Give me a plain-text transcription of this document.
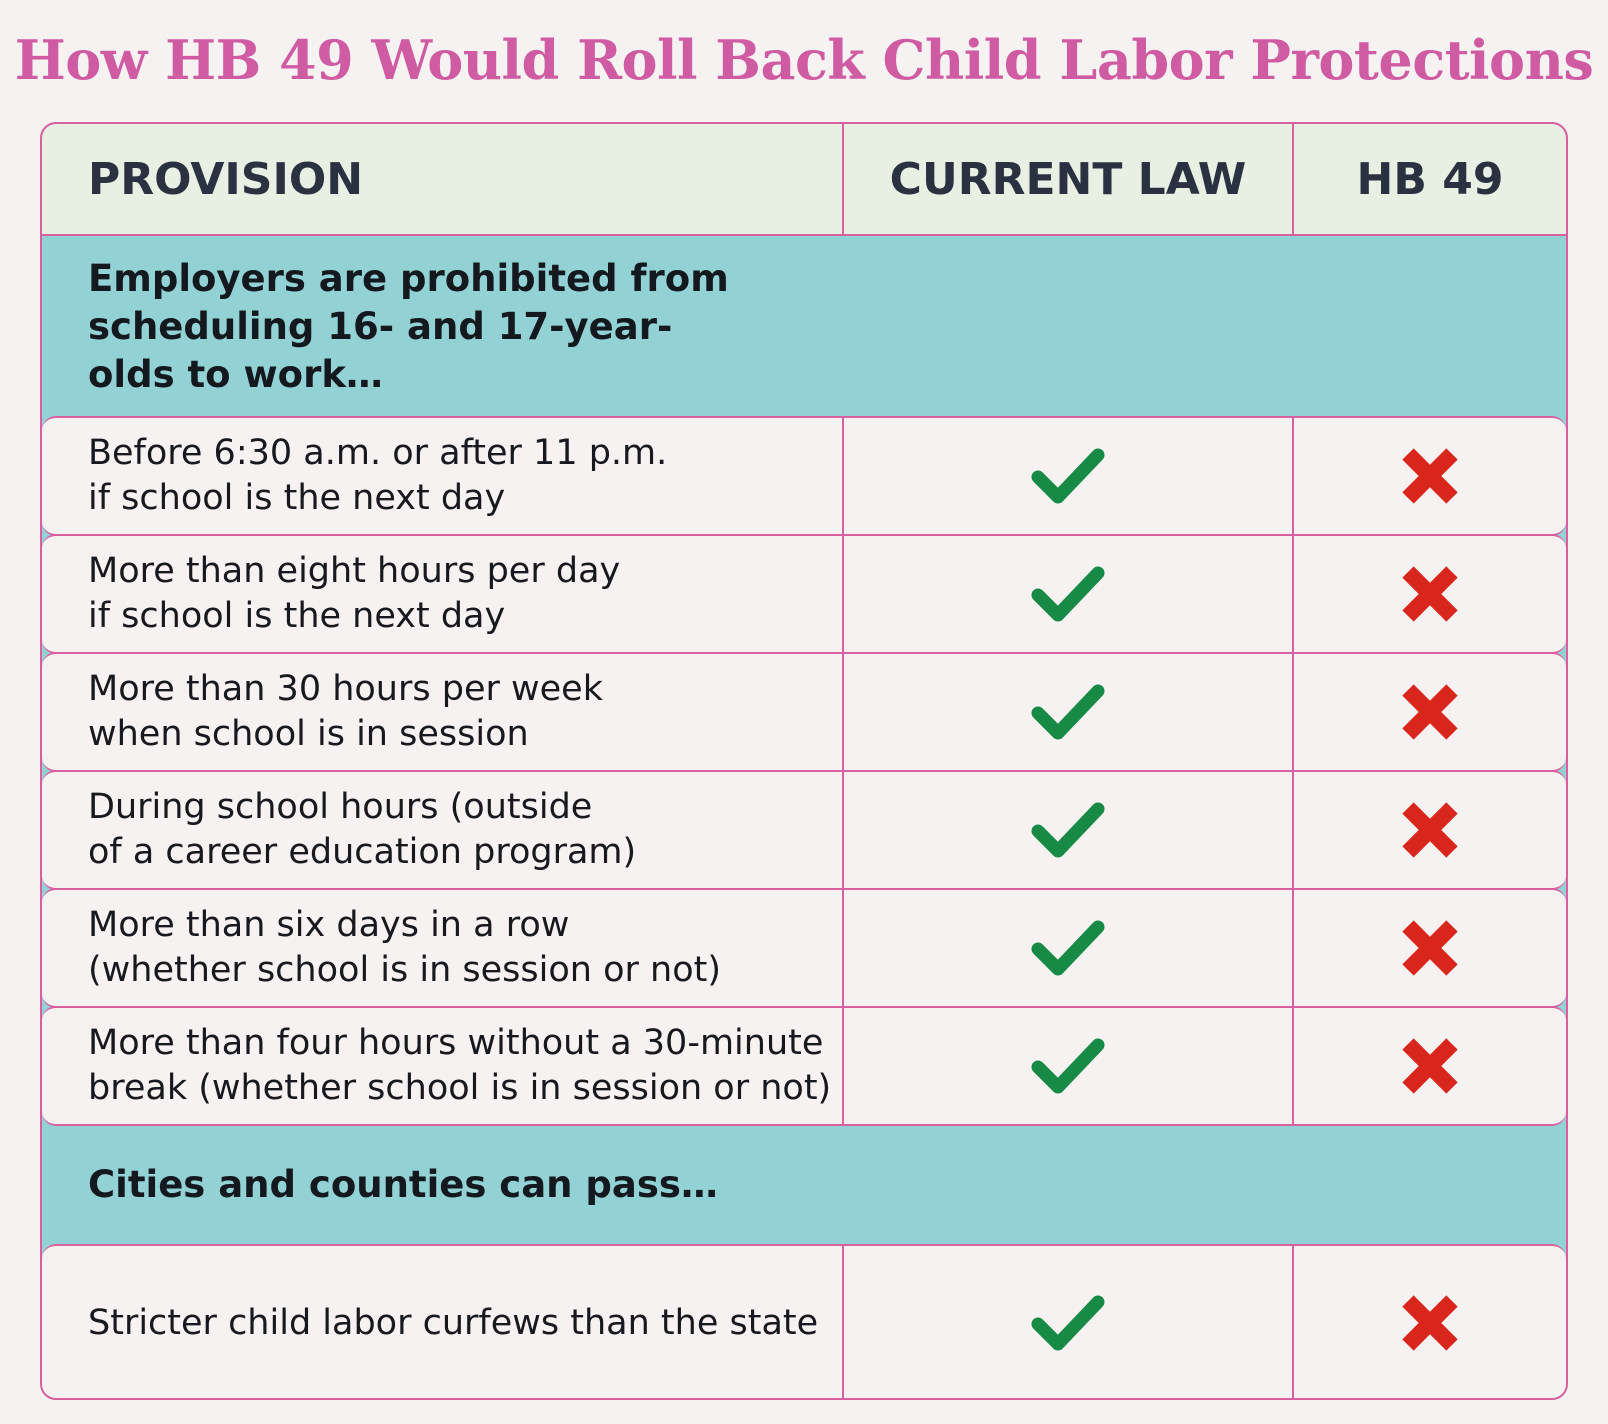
How HB 49 Would Roll Back Child Labor Protections
PROVISION	CURRENT LAW	HB 49
Employers are prohibited from
scheduling 16- and 17-year-
olds to work…
Before 6:30 a.m. or after 11 p.m.
if school is the next day
More than eight hours per day
if school is the next day
More than 30 hours per week
when school is in session
During school hours (outside
of a career education program)
More than six days in a row
(whether school is in session or not)
More than four hours without a 30-minute
break (whether school is in session or not)
Cities and counties can pass…
Stricter child labor curfews than the state
